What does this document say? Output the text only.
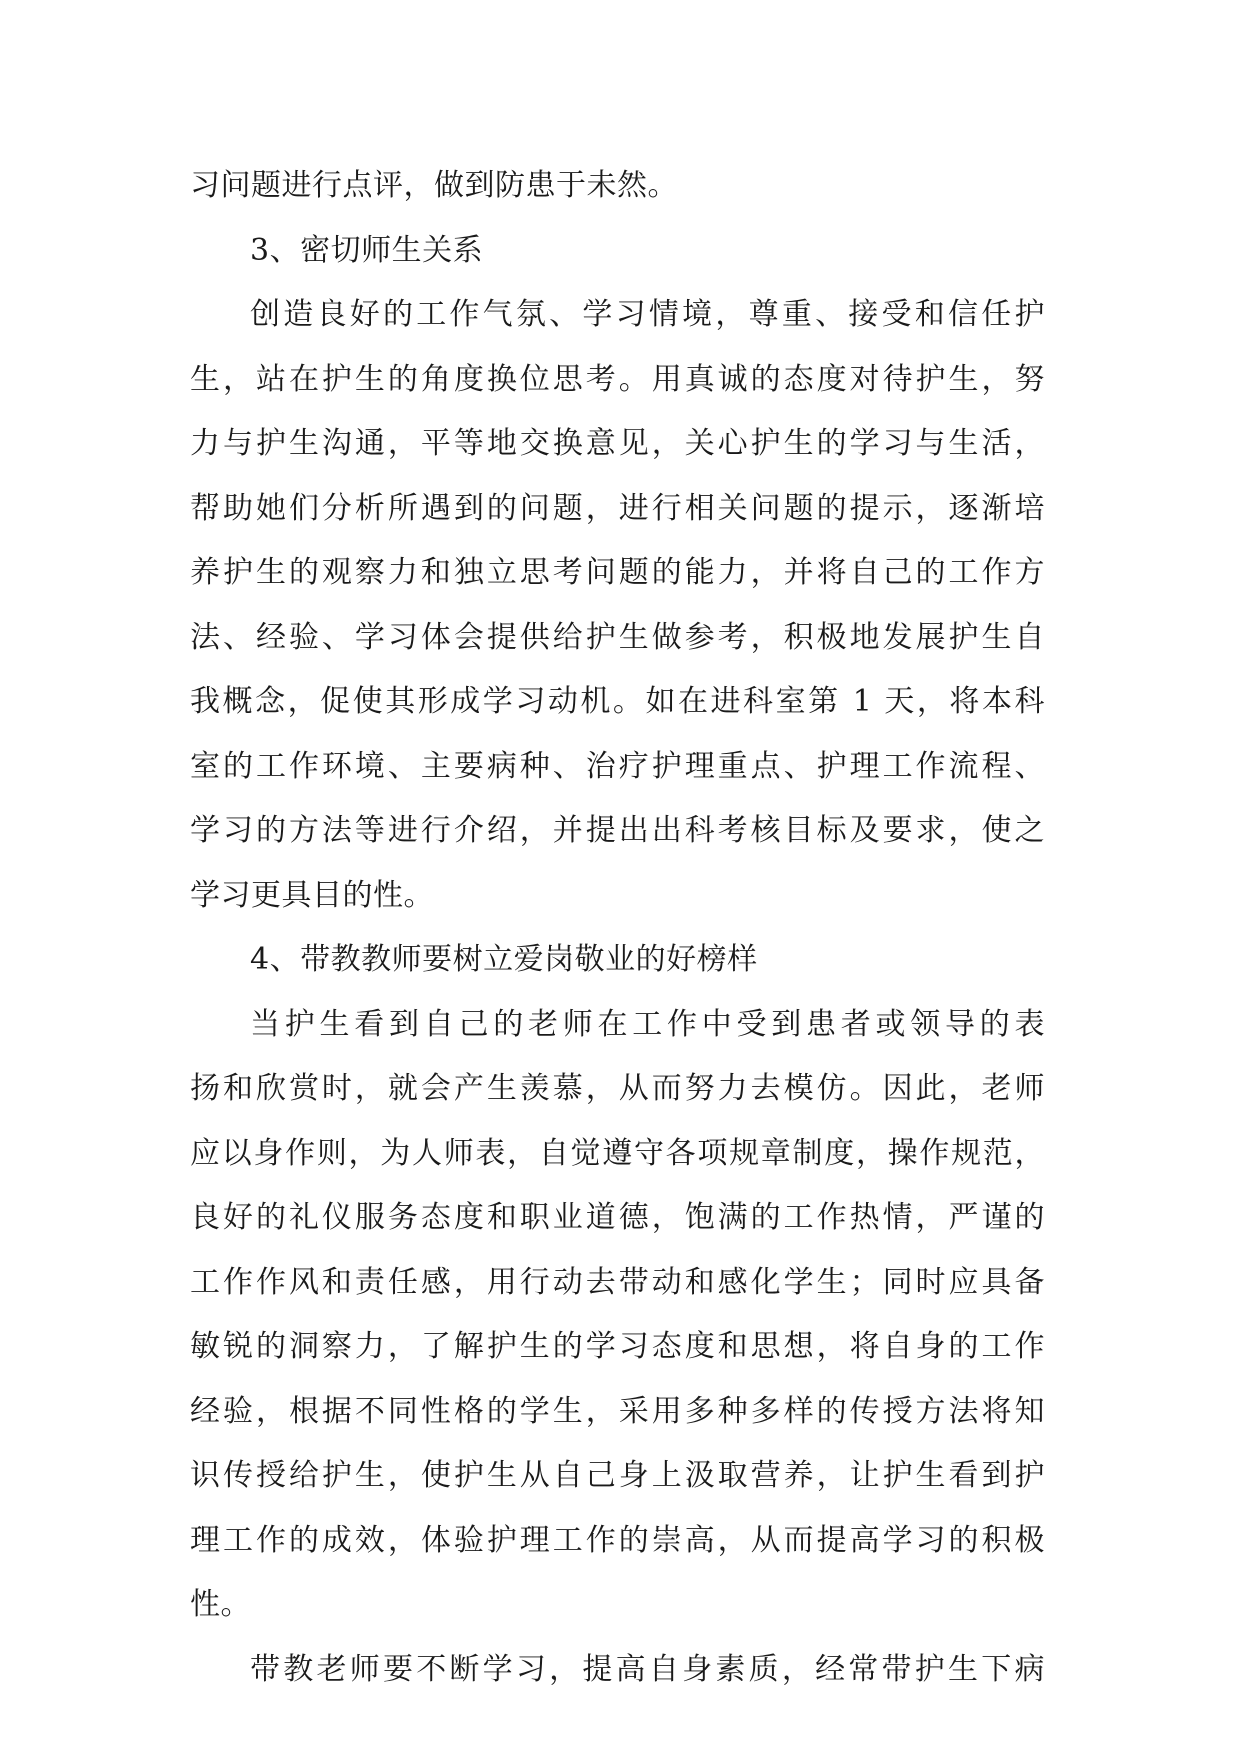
习问题进行点评，做到防患于未然。
3、密切师生关系
创造良好的工作气氛、学习情境，尊重、接受和信任护
生，站在护生的角度换位思考。用真诚的态度对待护生，努
力与护生沟通，平等地交换意见，关心护生的学习与生活，
帮助她们分析所遇到的问题，进行相关问题的提示，逐渐培
养护生的观察力和独立思考问题的能力，并将自己的工作方
法、经验、学习体会提供给护生做参考，积极地发展护生自
我概念，促使其形成学习动机。如在进科室第 1 天，将本科
室的工作环境、主要病种、治疗护理重点、护理工作流程、
学习的方法等进行介绍，并提出出科考核目标及要求，使之
学习更具目的性。
4、带教教师要树立爱岗敬业的好榜样
当护生看到自己的老师在工作中受到患者或领导的表
扬和欣赏时，就会产生羡慕，从而努力去模仿。因此，老师
应以身作则，为人师表，自觉遵守各项规章制度，操作规范，
良好的礼仪服务态度和职业道德，饱满的工作热情，严谨的
工作作风和责任感，用行动去带动和感化学生；同时应具备
敏锐的洞察力，了解护生的学习态度和思想，将自身的工作
经验，根据不同性格的学生，采用多种多样的传授方法将知
识传授给护生，使护生从自己身上汲取营养，让护生看到护
理工作的成效，体验护理工作的崇高，从而提高学习的积极
性。
带教老师要不断学习，提高自身素质，经常带护生下病
